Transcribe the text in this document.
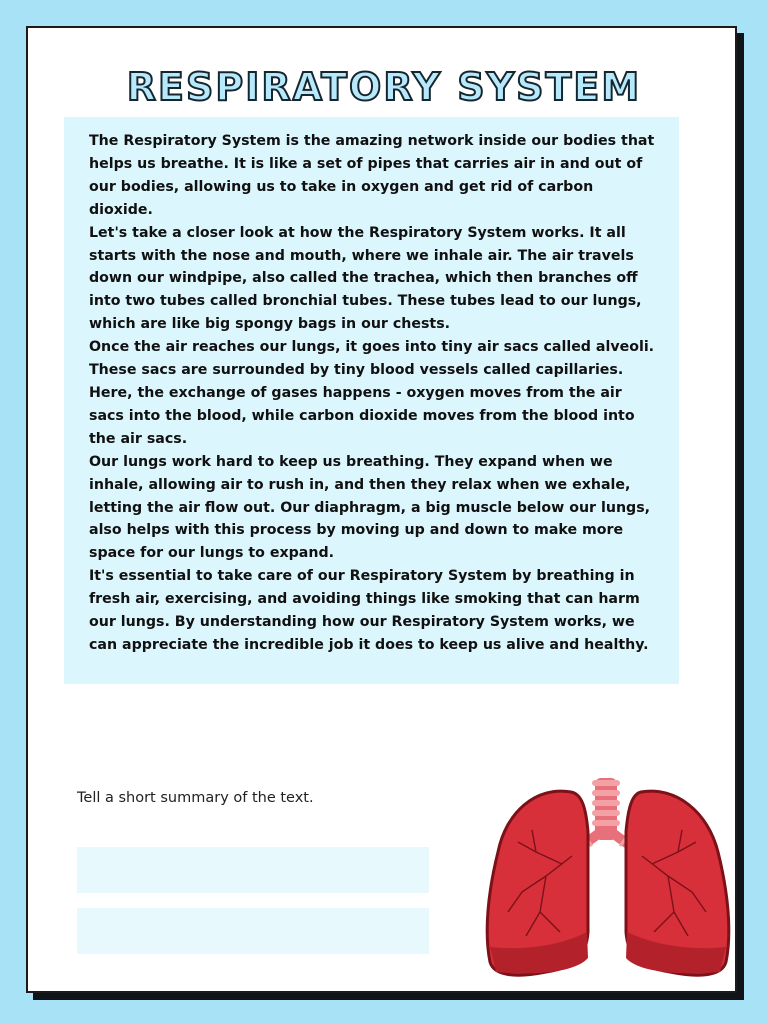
RESPIRATORY SYSTEM

The Respiratory System is the amazing network inside our bodies that helps us breathe. It is like a set of pipes that carries air in and out of our bodies, allowing us to take in oxygen and get rid of carbon dioxide.

Let's take a closer look at how the Respiratory System works. It all starts with the nose and mouth, where we inhale air. The air travels down our windpipe, also called the trachea, which then branches off into two tubes called bronchial tubes. These tubes lead to our lungs, which are like big spongy bags in our chests.

Once the air reaches our lungs, it goes into tiny air sacs called alveoli. These sacs are surrounded by tiny blood vessels called capillaries. Here, the exchange of gases happens - oxygen moves from the air sacs into the blood, while carbon dioxide moves from the blood into the air sacs.

Our lungs work hard to keep us breathing. They expand when we inhale, allowing air to rush in, and then they relax when we exhale, letting the air flow out. Our diaphragm, a big muscle below our lungs, also helps with this process by moving up and down to make more space for our lungs to expand.

It's essential to take care of our Respiratory System by breathing in fresh air, exercising, and avoiding things like smoking that can harm our lungs. By understanding how our Respiratory System works, we can appreciate the incredible job it does to keep us alive and healthy.

Tell a short summary of the text.
